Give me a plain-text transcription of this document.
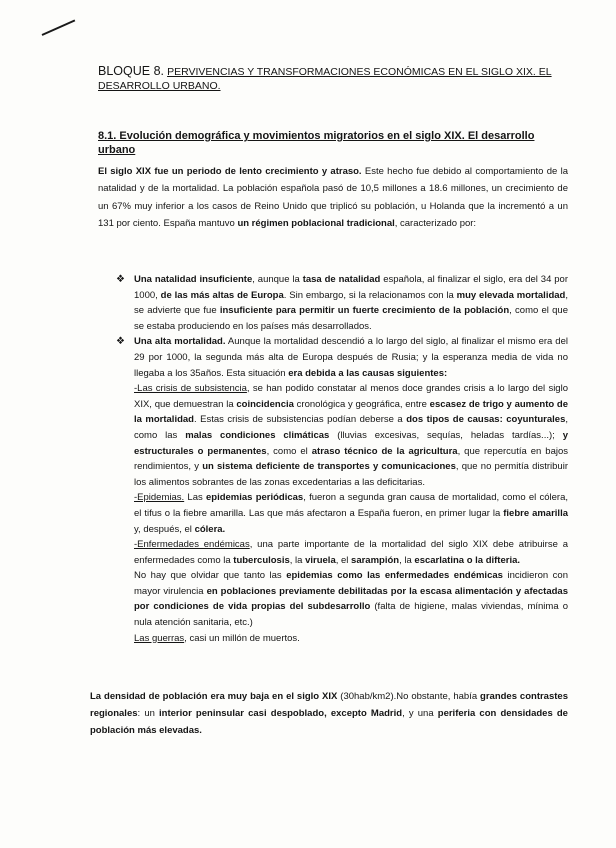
BLOQUE 8. PERVIVENCIAS Y TRANSFORMACIONES ECONÓMICAS EN EL SIGLO XIX. EL DESARROLLO URBANO.
8.1. Evolución demográfica y movimientos migratorios en el siglo XIX. El desarrollo urbano
El siglo XIX fue un periodo de lento crecimiento y atraso. Este hecho fue debido al comportamiento de la natalidad y de la mortalidad. La población española pasó de 10,5 millones a 18.6 millones, un crecimiento de un 67% muy inferior a los casos de Reino Unido que triplicó su población, u Holanda que la incrementó a un 131 por ciento. España mantuvo un régimen poblacional tradicional, caracterizado por:
❖ Una natalidad insuficiente, aunque la tasa de natalidad española, al finalizar el siglo, era del 34 por 1000, de las más altas de Europa. Sin embargo, si la relacionamos con la muy elevada mortalidad, se advierte que fue insuficiente para permitir un fuerte crecimiento de la población, como el que se estaba produciendo en los países más desarrollados.
❖ Una alta mortalidad. Aunque la mortalidad descendió a lo largo del siglo, al finalizar el mismo era del 29 por 1000, la segunda más alta de Europa después de Rusia; y la esperanza media de vida no llegaba a los 35años. Esta situación era debida a las causas siguientes:
-Las crisis de subsistencia, se han podido constatar al menos doce grandes crisis a lo largo del siglo XIX, que demuestran la coincidencia cronológica y geográfica, entre escasez de trigo y aumento de la mortalidad. Estas crisis de subsistencias podían deberse a dos tipos de causas: coyunturales, como las malas condiciones climáticas (lluvias excesivas, sequías, heladas tardías...); y estructurales o permanentes, como el atraso técnico de la agricultura, que repercutía en bajos rendimientos, y un sistema deficiente de transportes y comunicaciones, que no permitía distribuir los alimentos sobrantes de las zonas excedentarias a las deficitarias.
-Epidemias. Las epidemias periódicas, fueron a segunda gran causa de mortalidad, como el cólera, el tifus o la fiebre amarilla. Las que más afectaron a España fueron, en primer lugar la fiebre amarilla y, después, el cólera.
-Enfermedades endémicas, una parte importante de la mortalidad del siglo XIX debe atribuirse a enfermedades como la tuberculosis, la viruela, el sarampión, la escarlatina o la difteria.
No hay que olvidar que tanto las epidemias como las enfermedades endémicas incidieron con mayor virulencia en poblaciones previamente debilitadas por la escasa alimentación y afectadas por condiciones de vida propias del subdesarrollo (falta de higiene, malas viviendas, mínima o nula atención sanitaria, etc.)
Las guerras, casi un millón de muertos.
La densidad de población era muy baja en el siglo XIX (30hab/km2).No obstante, había grandes contrastes regionales: un interior peninsular casi despoblado, excepto Madrid, y una periferia con densidades de población más elevadas.
